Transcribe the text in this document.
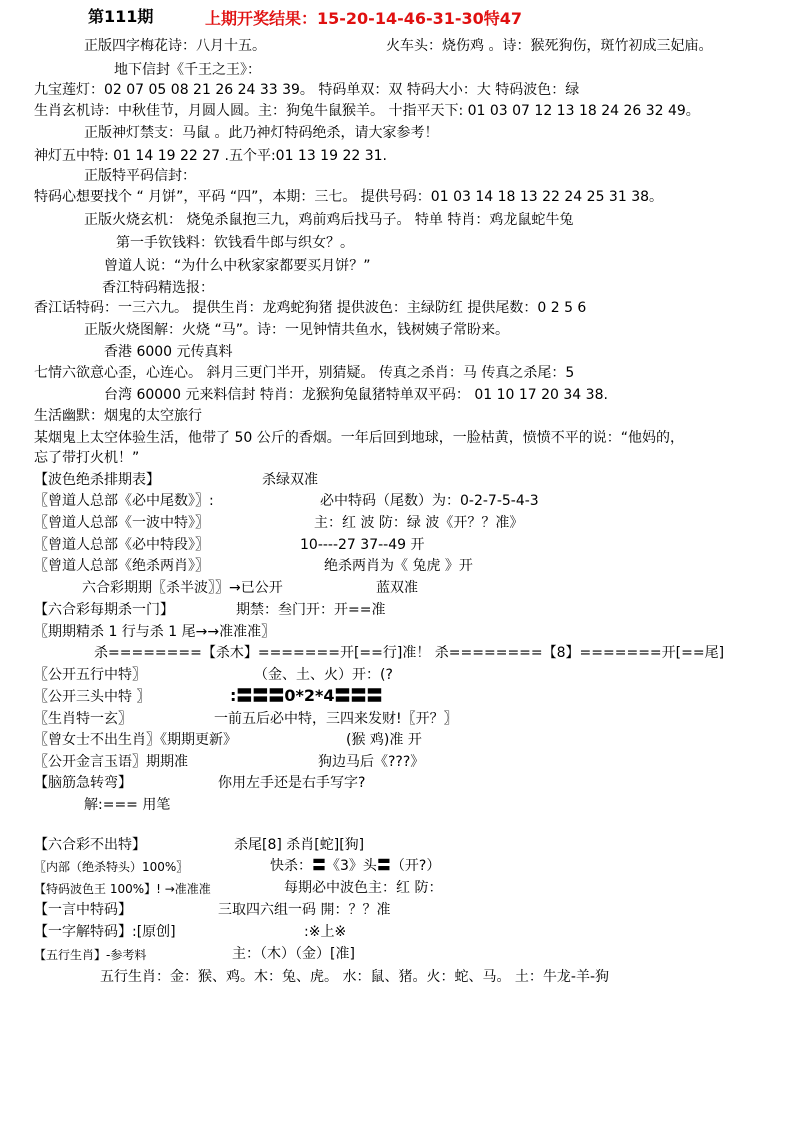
第111期	上期开奖结果：15-20-14-46-31-30特47
正版四字梅花诗：八月十五。	火车头：烧伤鸡 。诗：猴死狗伤，斑竹初成三妃庙。
地下信封《千王之王》：
九宝莲灯：02 07 05 08 21 26 24 33 39。 特码单双：双 特码大小：大 特码波色：绿
生肖玄机诗：中秋佳节，月圆人圆。主：狗兔牛鼠猴羊。 十指平天下: 01 03 07 12 13 18 24 26 32 49。
正版神灯禁支：马鼠 。此乃神灯特码绝杀，请大家参考！
神灯五中特: 01 14 19 22 27 .五个平:01 13 19 22 31.
正版特平码信封：
特码心想要找个 “ 月饼”，平码 “四”，本期：三七。 提供号码：01 03 14 18 13 22 24 25 31 38。
正版火烧玄机： 烧兔杀鼠抱三九，鸡前鸡后找马子。 特单 特肖：鸡龙鼠蛇牛兔
第一手钦钱料：钦钱看牛郎与织女？。
曾道人说：“为什么中秋家家都要买月饼？”
香江特码精选报：
香江话特码：一三六九。 提供生肖：龙鸡蛇狗猪 提供波色：主绿防红 提供尾数：0 2 5 6
正版火烧图解：火烧 “马”。诗：一见钟情共鱼水，钱树姨子常盼来。
香港 6000 元传真料
七情六欲意心歪，心连心。 斜月三更门半开，别猜疑。 传真之杀肖：马 传真之杀尾：5
台湾 60000 元来料信封 特肖：龙猴狗兔鼠猪特单双平码： 01 10 17 20 34 38.
生活幽默：烟鬼的太空旅行
某烟鬼上太空体验生活，他带了 50 公斤的香烟。一年后回到地球，一脸枯黄，愤愤不平的说：“他妈的，
忘了带打火机！”
【波色绝杀排期表】	杀绿双准
〖曾道人总部《必中尾数》〗:	必中特码（尾数）为：0-2-7-5-4-3
〖曾道人总部《一波中特》〗	主：红 波 防：绿 波《开？？准》
〖曾道人总部《必中特段》〗	10----27 37--49 开
〖曾道人总部《绝杀两肖》〗	绝杀两肖为《 兔虎 》开
六合彩期期〖杀半波〗〗→已公开	蓝双准
【六合彩每期杀一门】	期禁：叁门开：开==准
〖期期精杀 1 行与杀 1 尾→→准准准〗
杀========【杀木】=======开[==行]准！ 杀========【8】=======开[==尾]
〖公开五行中特〗	（金、土、火）开：(?
〖公开三头中特 〗	:〓〓〓0*2*4〓〓〓
〖生肖特一玄〗	一前五后必中特，三四来发财!〖开？〗
〖曾女士不出生肖〗《期期更新》	(猴 鸡)准 开
〖公开金言玉语〗期期准	狗边马后《???》
【脑筋急转弯】	你用左手还是右手写字?
解:=== 用笔
【六合彩不出特】	杀尾[8] 杀肖[蛇][狗]
〖内部（绝杀特头）100%〗	快杀：〓《3》头〓（开?）
【特码波色王 100%】! →准准准	每期必中波色主：红 防：
【一言中特码】	三取四六组一码 開：？？准
【一字解特码】:[原创]	:※上※
【五行生肖】-参考料	主：（木）（金）[准]
五行生肖：金：猴、鸡。木：兔、虎。 水：鼠、猪。火：蛇、马。 土：牛龙-羊-狗
